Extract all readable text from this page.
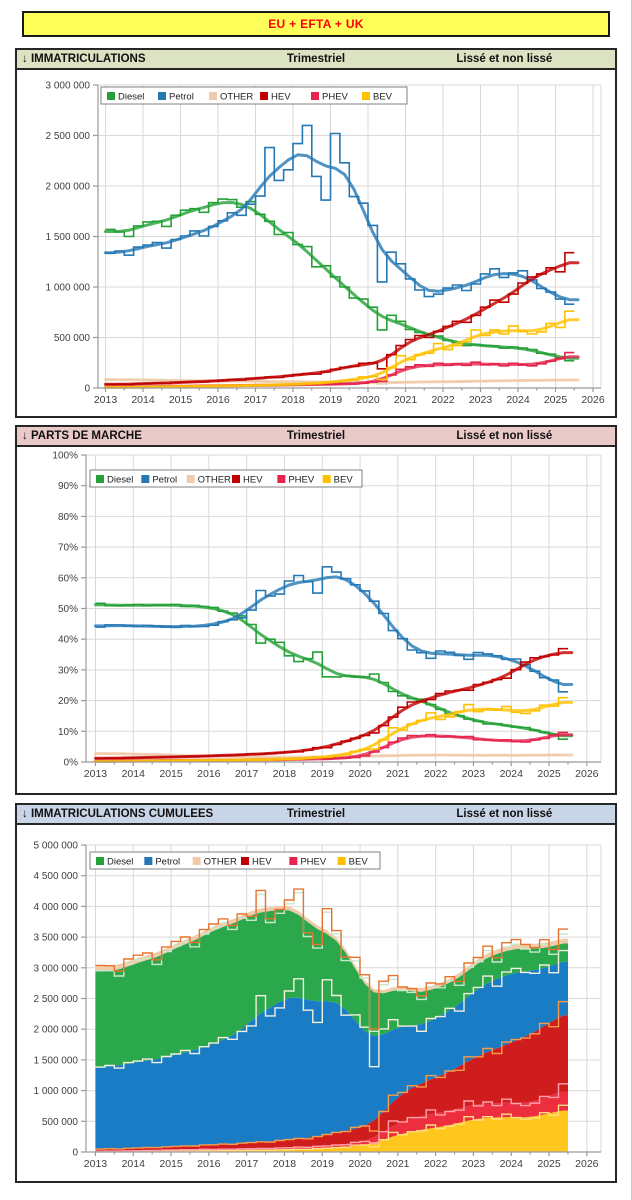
EU + EFTA + UK
↓ IMMATRICULATIONS	Trimestriel	Lissé et non lissé
0
500 000
1 000 000
1 500 000
2 000 000
2 500 000
3 000 000
2013 2014 2015 2016 2017 2018 2019 2020 2021 2022 2023 2024 2025 2026
Diesel	Petrol	OTHER HEV	PHEV	BEV
↓ PARTS DE MARCHE	Trimestriel	Lissé et non lissé
0%
10%
20%
30%
40%
50%
60%
70%
80%
90%
100%
2013 2014 2015 2016 2017 2018 2019 2020 2021 2022 2023 2024 2025 2026
Diesel Petrol OTHER HEV	PHEV BEV
↓ IMMATRICULATIONS CUMULEES	Trimestriel	Lissé et non lissé
0
500 000
1 000 000
1 500 000
2 000 000
2 500 000
3 000 000
3 500 000
4 000 000
4 500 000
5 000 000
2013 2014 2015 2016 2017 2018 2019 2020 2021 2022 2023 2024 2025 2026
Diesel Petrol OTHER HEV	PHEV BEV
